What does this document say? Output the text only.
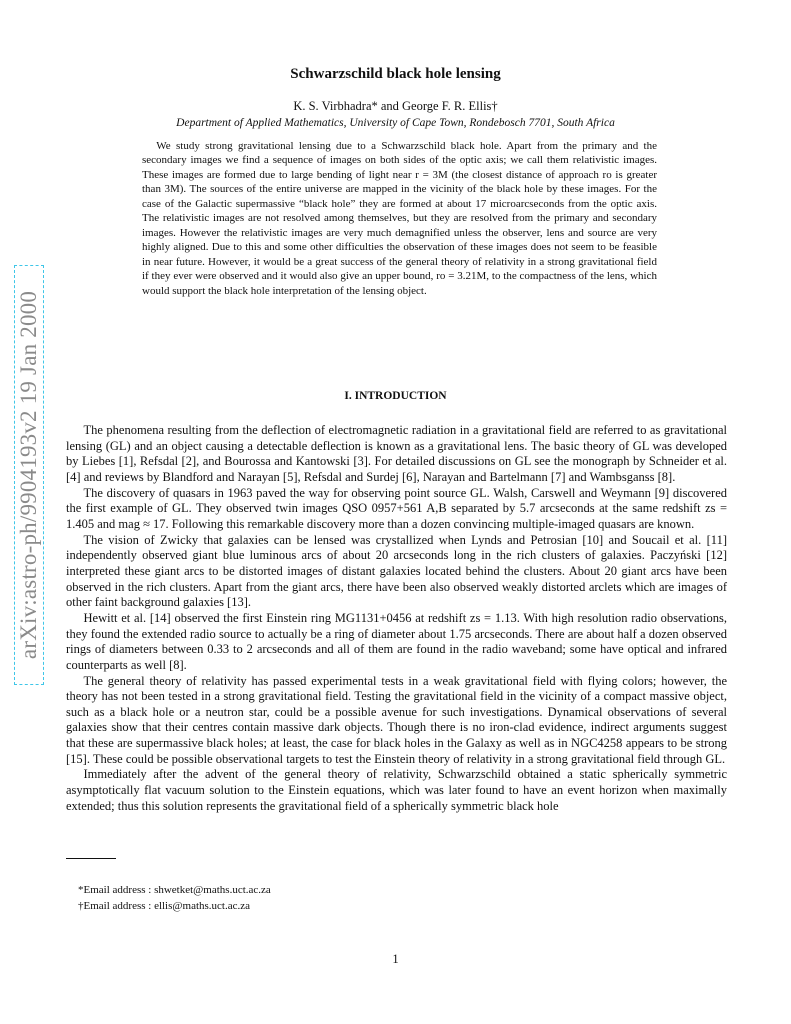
arXiv:astro-ph/9904193v2 19 Jan 2000
Schwarzschild black hole lensing
K. S. Virbhadra* and George F. R. Ellis†
Department of Applied Mathematics, University of Cape Town, Rondebosch 7701, South Africa
We study strong gravitational lensing due to a Schwarzschild black hole. Apart from the primary and the secondary images we find a sequence of images on both sides of the optic axis; we call them relativistic images. These images are formed due to large bending of light near r = 3M (the closest distance of approach ro is greater than 3M). The sources of the entire universe are mapped in the vicinity of the black hole by these images. For the case of the Galactic supermassive “black hole” they are formed at about 17 microarcseconds from the optic axis. The relativistic images are not resolved among themselves, but they are resolved from the primary and secondary images. However the relativistic images are very much demagnified unless the observer, lens and source are very highly aligned. Due to this and some other difficulties the observation of these images does not seem to be feasible in near future. However, it would be a great success of the general theory of relativity in a strong gravitational field if they ever were observed and it would also give an upper bound, ro = 3.21M, to the compactness of the lens, which would support the black hole interpretation of the lensing object.
I. INTRODUCTION

The phenomena resulting from the deflection of electromagnetic radiation in a gravitational field are referred to as gravitational lensing (GL) and an object causing a detectable deflection is known as a gravitational lens. The basic theory of GL was developed by Liebes [1], Refsdal [2], and Bourossa and Kantowski [3]. For detailed discussions on GL see the monograph by Schneider et al. [4] and reviews by Blandford and Narayan [5], Refsdal and Surdej [6], Narayan and Bartelmann [7] and Wambsganss [8].

The discovery of quasars in 1963 paved the way for observing point source GL. Walsh, Carswell and Weymann [9] discovered the first example of GL. They observed twin images QSO 0957+561 A,B separated by 5.7 arcseconds at the same redshift zs = 1.405 and mag ≈ 17. Following this remarkable discovery more than a dozen convincing multiple-imaged quasars are known.

The vision of Zwicky that galaxies can be lensed was crystallized when Lynds and Petrosian [10] and Soucail et al. [11] independently observed giant blue luminous arcs of about 20 arcseconds long in the rich clusters of galaxies. Paczyński [12] interpreted these giant arcs to be distorted images of distant galaxies located behind the clusters. About 20 giant arcs have been observed in the rich clusters. Apart from the giant arcs, there have been also observed weakly distorted arclets which are images of other faint background galaxies [13].

Hewitt et al. [14] observed the first Einstein ring MG1131+0456 at redshift zs = 1.13. With high resolution radio observations, they found the extended radio source to actually be a ring of diameter about 1.75 arcseconds. There are about half a dozen observed rings of diameters between 0.33 to 2 arcseconds and all of them are found in the radio waveband; some have optical and infrared counterparts as well [8].

The general theory of relativity has passed experimental tests in a weak gravitational field with flying colors; however, the theory has not been tested in a strong gravitational field. Testing the gravitational field in the vicinity of a compact massive object, such as a black hole or a neutron star, could be a possible avenue for such investigations. Dynamical observations of several galaxies show that their centres contain massive dark objects. Though there is no iron-clad evidence, indirect arguments suggest that these are supermassive black holes; at least, the case for black holes in the Galaxy as well as in NGC4258 appears to be strong [15]. These could be possible observational targets to test the Einstein theory of relativity in a strong gravitational field through GL.

Immediately after the advent of the general theory of relativity, Schwarzschild obtained a static spherically symmetric asymptotically flat vacuum solution to the Einstein equations, which was later found to have an event horizon when maximally extended; thus this solution represents the gravitational field of a spherically symmetric black hole

*Email address : shwetket@maths.uct.ac.za
†Email address : ellis@maths.uct.ac.za
1
